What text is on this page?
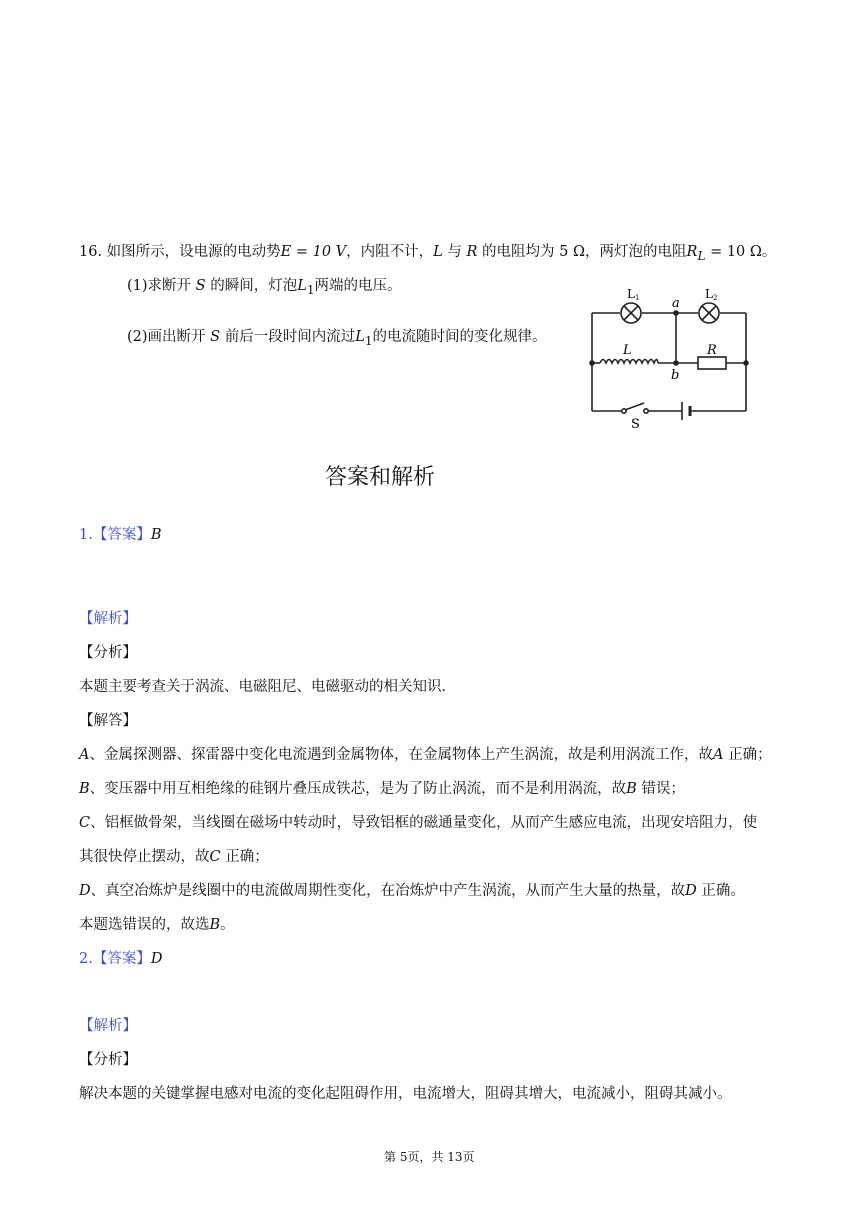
16. 如图所示，设电源的电动势E = 10 V，内阻不计，L 与 R 的电阻均为 5 Ω，两灯泡的电阻$R_L = 10$ Ω。
(1)求断开 S 的瞬间，灯泡$L_1$两端的电压。
(2)画出断开 S 前后一段时间内流过$L_1$的电流随时间的变化规律。
L1	L2
a
b
L	R
S
答案和解析
1.【答案】B
【解析】
【分析】
本题主要考查关于涡流、电磁阻尼、电磁驱动的相关知识．
【解答】
A、金属探测器、探雷器中变化电流遇到金属物体，在金属物体上产生涡流，故是利用涡流工作，故A 正确；
B、变压器中用互相绝缘的硅钢片叠压成铁芯，是为了防止涡流，而不是利用涡流，故B 错误；
C、铝框做骨架，当线圈在磁场中转动时，导致铝框的磁通量变化，从而产生感应电流，出现安培阻力，使
其很快停止摆动，故C 正确；
D、真空冶炼炉是线圈中的电流做周期性变化，在冶炼炉中产生涡流，从而产生大量的热量，故D 正确。
本题选错误的，故选B。
2.【答案】D
【解析】
【分析】
解决本题的关键掌握电感对电流的变化起阻碍作用，电流增大，阻碍其增大，电流减小，阻碍其减小。
第 5页，共 13页
